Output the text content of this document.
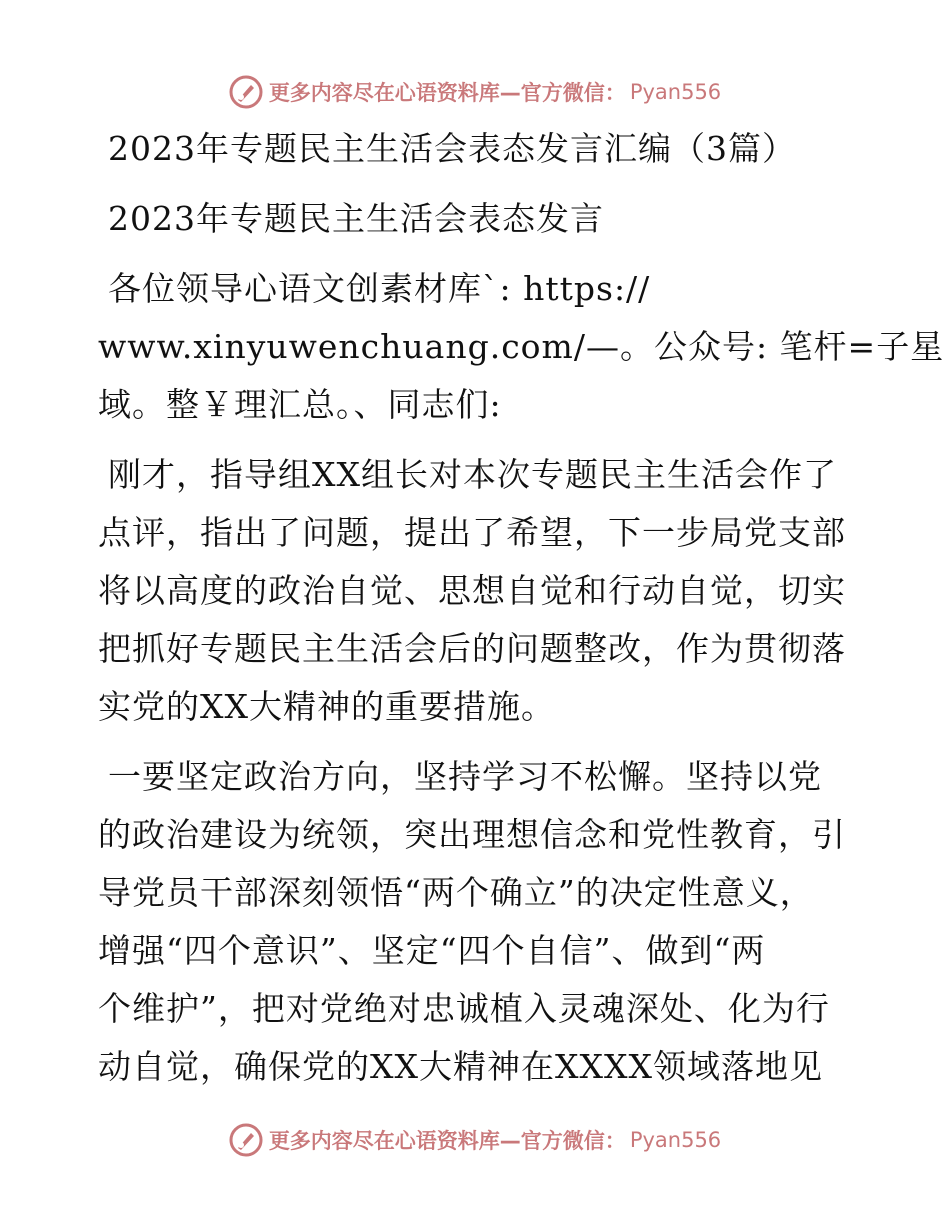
更多内容尽在心语资料库—官方微信： Pyan556
2023年专题民主生活会表态发言汇编（3篇）
2023年专题民主生活会表态发言
各位领导心语文创素材库`: https://
www.xinyuwenchuang.com/—。公众号: 笔杆=子星
域。整￥理汇总。、同志们:
刚才，指导组XX组长对本次专题民主生活会作了
点评，指出了问题，提出了希望，下一步局党支部
将以高度的政治自觉、思想自觉和行动自觉，切实
把抓好专题民主生活会后的问题整改，作为贯彻落
实党的XX大精神的重要措施。
一要坚定政治方向，坚持学习不松懈。坚持以党
的政治建设为统领，突出理想信念和党性教育，引
导党员干部深刻领悟“两个确立”的决定性意义，
增强“四个意识”、坚定“四个自信”、做到“两
个维护”，把对党绝对忠诚植入灵魂深处、化为行
动自觉，确保党的XX大精神在XXXX领域落地见
更多内容尽在心语资料库—官方微信： Pyan556
